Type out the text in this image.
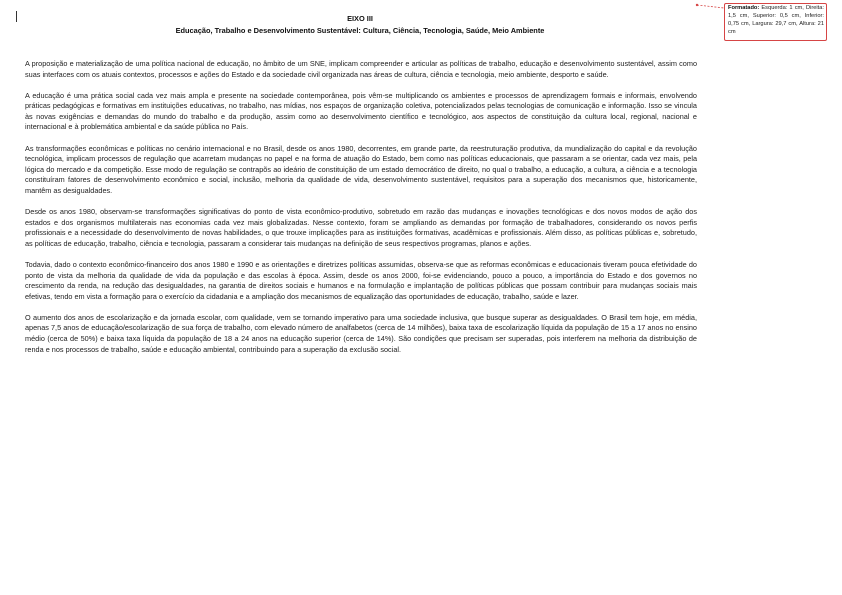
EIXO III
Educação, Trabalho e Desenvolvimento Sustentável: Cultura, Ciência, Tecnologia, Saúde, Meio Ambiente

A proposição e materialização de uma política nacional de educação, no âmbito de um SNE, implicam compreender e articular as políticas de trabalho, educação e desenvolvimento sustentável, assim como suas interfaces com os atuais contextos, processos e ações do Estado e da sociedade civil organizada nas áreas de cultura, ciência e tecnologia, meio ambiente, desporto e saúde.

A educação é uma prática social cada vez mais ampla e presente na sociedade contemporânea, pois vêm-se multiplicando os ambientes e processos de aprendizagem formais e informais, envolvendo práticas pedagógicas e formativas em instituições educativas, no trabalho, nas mídias, nos espaços de organização coletiva, potencializados pelas tecnologias de comunicação e informação. Isso se vincula às novas exigências e demandas do mundo do trabalho e da produção, assim como ao desenvolvimento científico e tecnológico, aos aspectos de constituição da cultura local, regional, nacional e internacional e à problemática ambiental e da saúde pública no País.

As transformações econômicas e políticas no cenário internacional e no Brasil, desde os anos 1980, decorrentes, em grande parte, da reestruturação produtiva, da mundialização do capital e da revolução tecnológica, implicam processos de regulação que acarretam mudanças no papel e na forma de atuação do Estado, bem como nas políticas educacionais, que passaram a se orientar, cada vez mais, pela lógica do mercado e da competição. Esse modo de regulação se contrapõs ao ideário de constituição de um estado democrático de direito, no qual o trabalho, a educação, a cultura, a ciência e a tecnologia constituíram fatores de desenvolvimento econômico e social, inclusão, melhoria da qualidade de vida, desenvolvimento sustentável, requisitos para a superação dos mecanismos que, historicamente, mantêm as desigualdades.

Desde os anos 1980, observam-se transformações significativas do ponto de vista econômico-produtivo, sobretudo em razão das mudanças e inovações tecnológicas e dos novos modos de ação dos estados e dos organismos multilaterais nas economias cada vez mais globalizadas. Nesse contexto, foram se ampliando as demandas por formação de trabalhadores, considerando os novos perfis profissionais e a necessidade do desenvolvimento de novas habilidades, o que trouxe implicações para as instituições formativas, acadêmicas e profissionais. Além disso, as políticas públicas e, sobretudo, as políticas de educação, trabalho, ciência e tecnologia, passaram a considerar tais mudanças na definição de seus respectivos programas, planos e ações.

Todavia, dado o contexto econômico-financeiro dos anos 1980 e 1990 e as orientações e diretrizes políticas assumidas, observa-se que as reformas econômicas e educacionais tiveram pouca efetividade do ponto de vista da melhoria da qualidade de vida da população e das escolas à época. Assim, desde os anos 2000, foi-se evidenciando, pouco a pouco, a importância do Estado e dos governos no crescimento da renda, na redução das desigualdades, na garantia de direitos sociais e humanos e na formulação e implantação de políticas públicas que possam contribuir para mudanças sociais mais efetivas, tendo em vista a formação para o exercício da cidadania e a ampliação dos mecanismos de equalização das oportunidades de educação, trabalho, saúde e lazer.

O aumento dos anos de escolarização e da jornada escolar, com qualidade, vem se tornando imperativo para uma sociedade inclusiva, que busque superar as desigualdades. O Brasil tem hoje, em média, apenas 7,5 anos de educação/escolarização de sua força de trabalho, com elevado número de analfabetos (cerca de 14 milhões), baixa taxa de escolarização líquida da população de 15 a 17 anos no ensino médio (cerca de 50%) e baixa taxa líquida da população de 18 a 24 anos na educação superior (cerca de 14%). São condições que precisam ser superadas, pois interferem na melhoria da distribuição de renda e nos processos de trabalho, saúde e educação ambiental, contribuindo para a superação da exclusão social.

Formatado: Esquerda: 1 cm, Direita: 1,5 cm, Superior: 0,5 cm, Inferior: 0,75 cm, Largura: 29,7 cm, Altura: 21 cm
